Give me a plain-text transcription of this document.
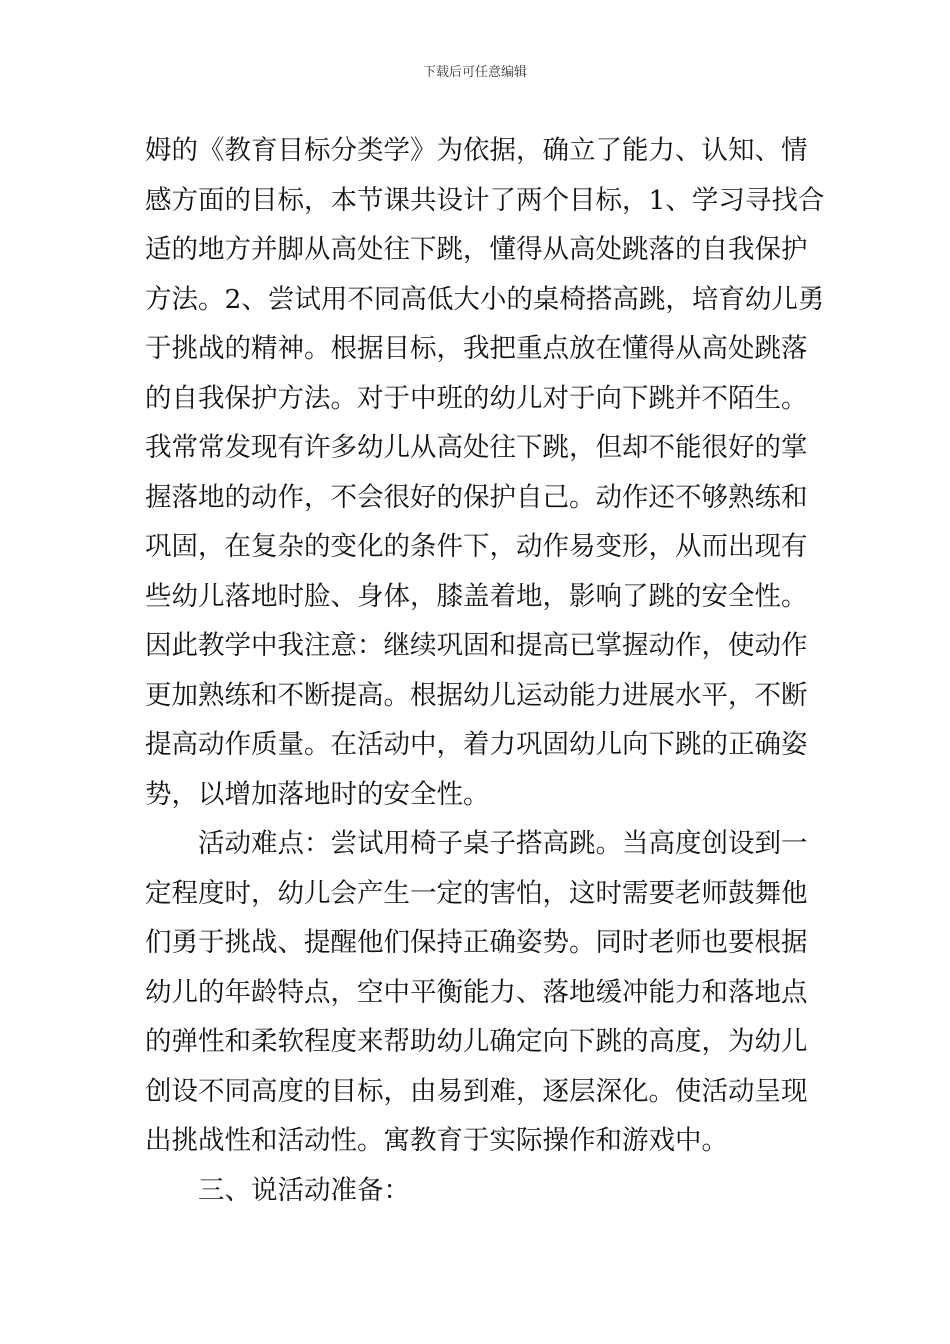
下载后可任意编辑
姆的《教育目标分类学》为依据，确立了能力、认知、情
感方面的目标，本节课共设计了两个目标，1、学习寻找合
适的地方并脚从高处往下跳，懂得从高处跳落的自我保护
方法。2、尝试用不同高低大小的桌椅搭高跳，培育幼儿勇
于挑战的精神。根据目标，我把重点放在懂得从高处跳落
的自我保护方法。对于中班的幼儿对于向下跳并不陌生。
我常常发现有许多幼儿从高处往下跳，但却不能很好的掌
握落地的动作，不会很好的保护自己。动作还不够熟练和
巩固，在复杂的变化的条件下，动作易变形，从而出现有
些幼儿落地时脸、身体，膝盖着地，影响了跳的安全性。
因此教学中我注意：继续巩固和提高已掌握动作，使动作
更加熟练和不断提高。根据幼儿运动能力进展水平，不断
提高动作质量。在活动中，着力巩固幼儿向下跳的正确姿
势，以增加落地时的安全性。
活动难点：尝试用椅子桌子搭高跳。当高度创设到一
定程度时，幼儿会产生一定的害怕，这时需要老师鼓舞他
们勇于挑战、提醒他们保持正确姿势。同时老师也要根据
幼儿的年龄特点，空中平衡能力、落地缓冲能力和落地点
的弹性和柔软程度来帮助幼儿确定向下跳的高度，为幼儿
创设不同高度的目标，由易到难，逐层深化。使活动呈现
出挑战性和活动性。寓教育于实际操作和游戏中。
三、说活动准备：
